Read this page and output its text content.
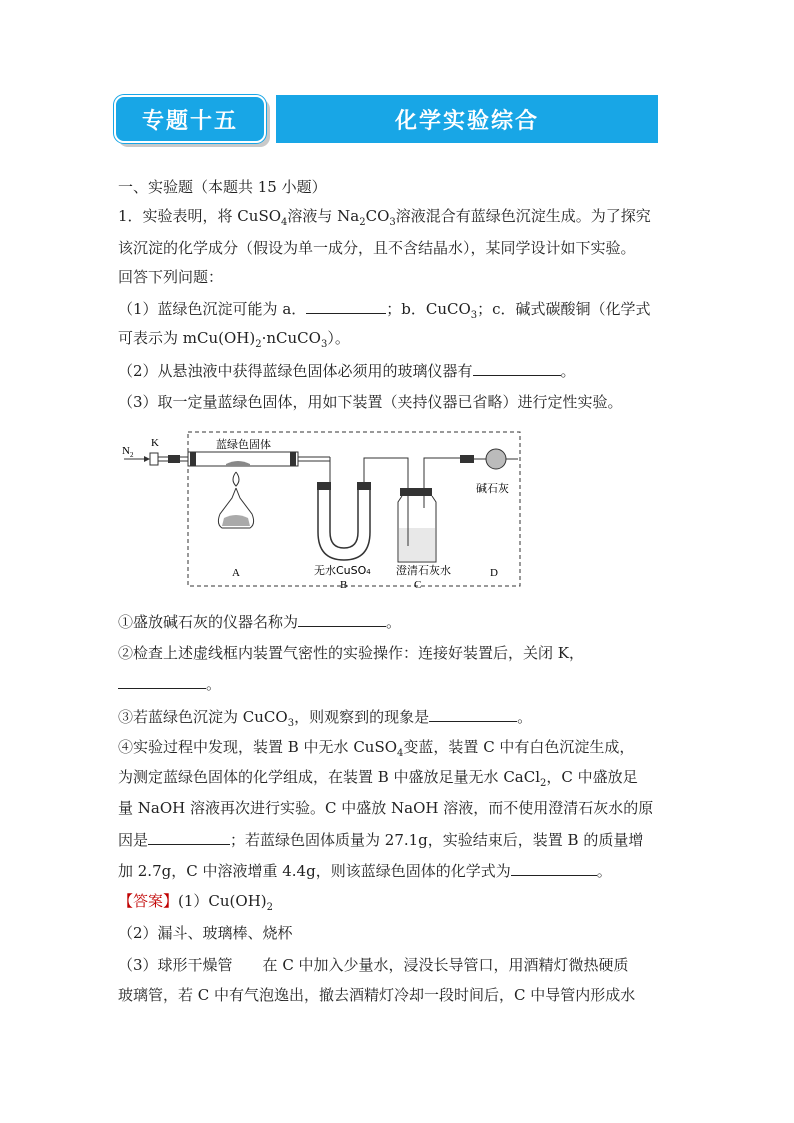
专题十五	化学实验综合
一、实验题（本题共 15 小题）
1．实验表明，将 CuSO$_4$溶液与 $Na_2CO_3$溶液混合有蓝绿色沉淀生成。为了探究
该沉淀的化学成分（假设为单一成分，且不含结晶水），某同学设计如下实验。
回答下列问题：
（1）蓝绿色沉淀可能为 a．	；b．CuCO$_3$；c．碱式碳酸铜（化学式
可表示为 $mCu(OH)_2\cdot nCuCO_3$）。
（2）从悬浊液中获得蓝绿色固体必须用的玻璃仪器有	。
（3）取一定量蓝绿色固体，用如下装置（夹持仪器已省略）进行定性实验。
N 2
K	蓝绿色固体
无水CuSO4 澄清石灰水
碱石灰
A
B	C
D
①盛放碱石灰的仪器名称为	。
②检查上述虚线框内装置气密性的实验操作：连接好装置后，关闭 K，
。
③若蓝绿色沉淀为 CuCO$_3$，则观察到的现象是	。
④实验过程中发现，装置 B 中无水 CuSO$_4$变蓝，装置 C 中有白色沉淀生成，
为测定蓝绿色固体的化学组成，在装置 B 中盛放足量无水 CaCl$_2$，C 中盛放足
量 NaOH 溶液再次进行实验。C 中盛放 NaOH 溶液，而不使用澄清石灰水的原
因是	；若蓝绿色固体质量为 27.1g，实验结束后，装置 B 的质量增
加 2.7g，C 中溶液增重 4.4g，则该蓝绿色固体的化学式为	。
【答案】$(1)Cu(OH)_2$
（2）漏斗、玻璃棒、烧杯
（3）球形干燥管　　在 C 中加入少量水，浸没长导管口，用酒精灯微热硬质
玻璃管，若 C 中有气泡逸出，撤去酒精灯冷却一段时间后，C 中导管内形成水
